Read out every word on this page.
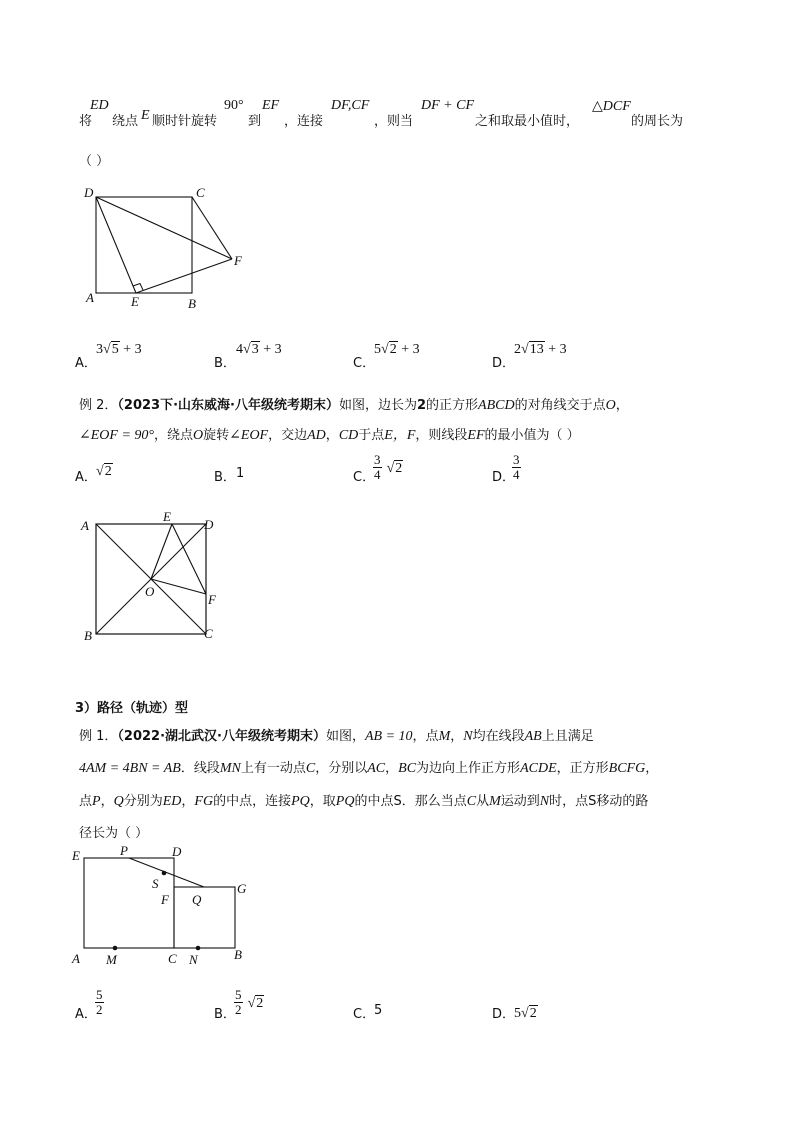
将
ED
绕点 E 顺时针旋转
90°
到
EF
，连接
DF,CF
，则当
DF + CF
之和取最小值时，
△DCF
的周长为
（ ）
D	C
F
A	E	B
A．
3√5 + 3
B．
4√3 + 3
C．
5√2 + 3
D．
2√13 + 3
例 2．（2023下·山东威海·八年级统考期末）如图，边长为2的正方形ABCD的对角线交于点O，
∠EOF = 90°，绕点O旋转∠EOF，交边AD，CD于点E，F，则线段EF的最小值为（ ）
A． √2	B． 1	C．
$\frac{3}{4} √2$
D．
$\frac{3}{4}$
A
E
D
O
F
B	C
3）路径（轨迹）型
例 1．（2022·湖北武汉·八年级统考期末）如图，AB = 10，点M，N均在线段AB上且满足
4AM = 4BN = AB．线段MN上有一动点C，分别以AC，BC为边向上作正方形ACDE，正方形BCFG，
点P，Q分别为ED，FG的中点，连接PQ，取PQ的中点S．那么当点C从M运动到N时，点S移动的路
径长为（ ）
E	P	D
S	G
F Q
A M	C N	B
A．
$\frac{5}{2}$	B．
$\frac{5}{2} √2$
C．
5	D．
5√2
